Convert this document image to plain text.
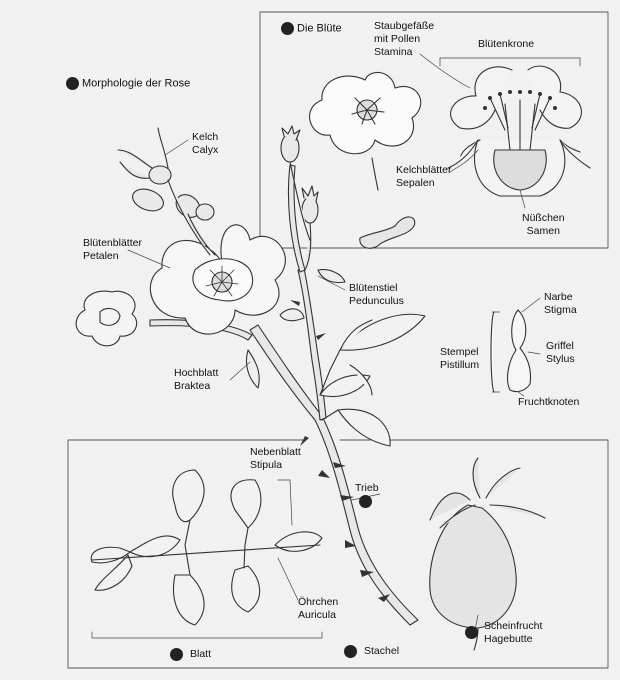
Morphologie der Rose
Die Blüte	Staubgefäße
mit Pollen
Stamina
Blütenkrone
Kelchblätter
Sepalen
Nüßchen
Samen
Kelch
Calyx
Blütenblätter
Petalen
Blütenstiel
Pedunculus	Narbe
Stigma
Griffel
Stylus
Stempel
Pistillum
Fruchtknoten
Hochblatt
Braktea
Nebenblatt
Stipula
Trieb
Öhrchen
Auricula
Scheinfrucht
Hagebutte
Blatt	Stachel
